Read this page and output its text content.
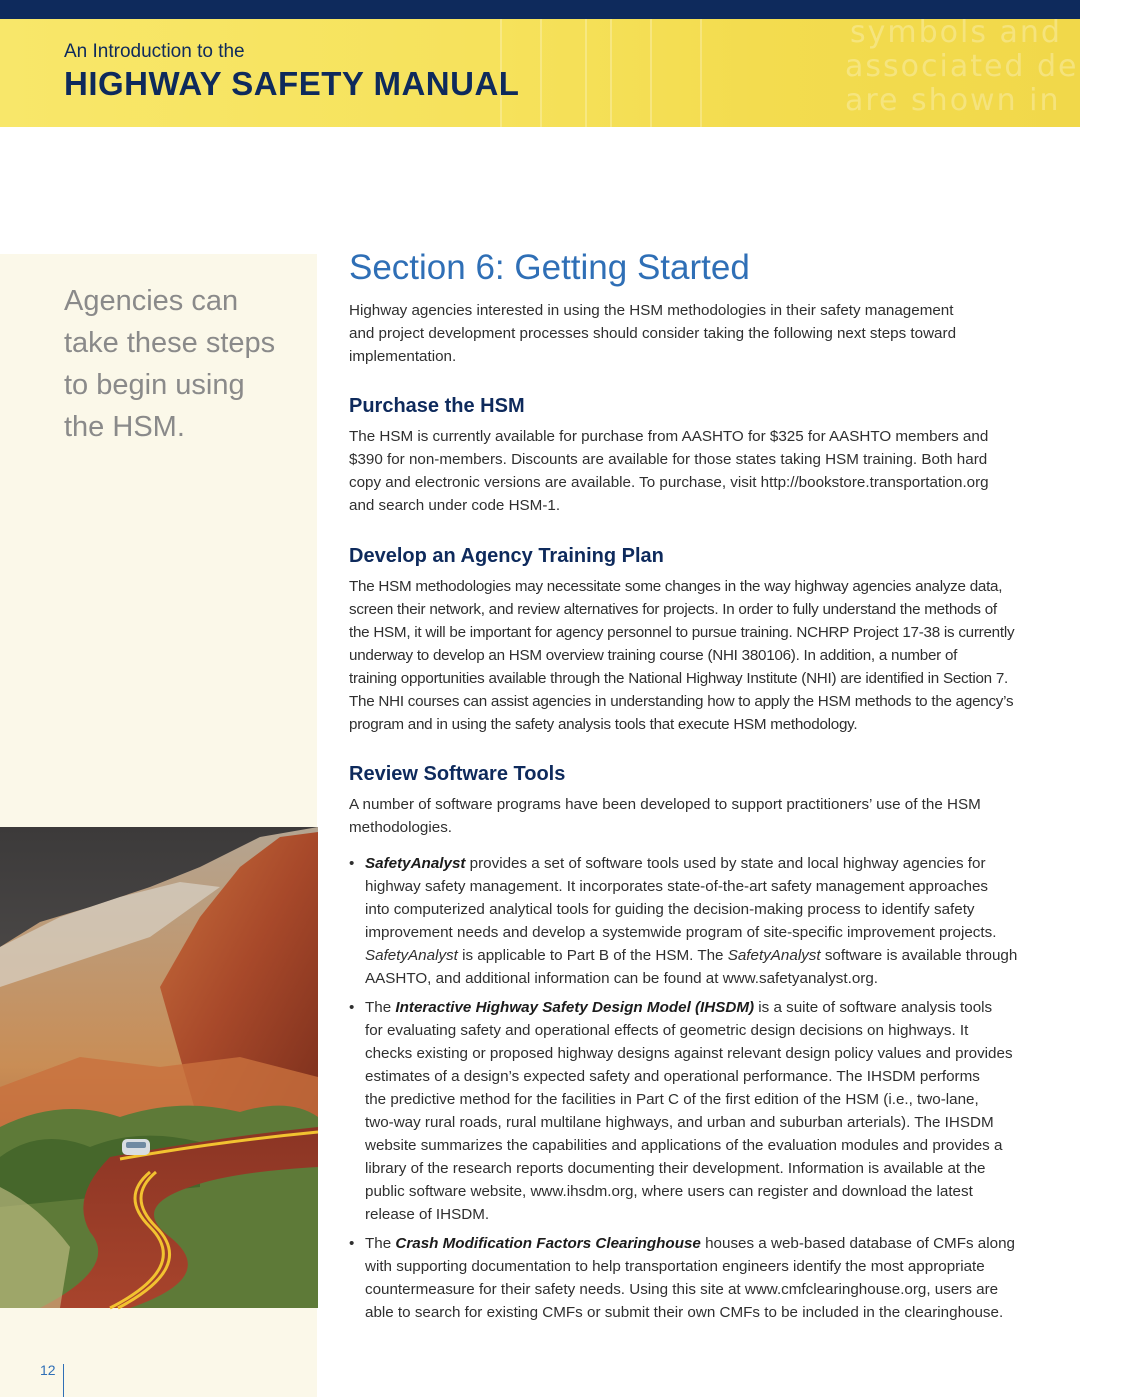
symbols and
associated descr
are shown in
An Introduction to the
HIGHWAY SAFETY MANUAL
Agencies can
take these steps
to begin using
the HSM.
Section 6: Getting Started

Highway agencies interested in using the HSM methodologies in their safety management

and project development processes should consider taking the following next steps toward

implementation.

Purchase the HSM

The HSM is currently available for purchase from AASHTO for $325 for AASHTO members and

$390 for non-members. Discounts are available for those states taking HSM training. Both hard

copy and electronic versions are available. To purchase, visit http://bookstore.transportation.org

and search under code HSM-1.

Develop an Agency Training Plan

The HSM methodologies may necessitate some changes in the way highway agencies analyze data,

screen their network, and review alternatives for projects. In order to fully understand the methods of

the HSM, it will be important for agency personnel to pursue training. NCHRP Project 17-38 is currently

underway to develop an HSM overview training course (NHI 380106). In addition, a number of

training opportunities available through the National Highway Institute (NHI) are identified in Section 7.

The NHI courses can assist agencies in understanding how to apply the HSM methods to the agency’s

program and in using the safety analysis tools that execute HSM methodology.

Review Software Tools

A number of software programs have been developed to support practitioners’ use of the HSM

methodologies.

• SafetyAnalyst provides a set of software tools used by state and local highway agencies for
highway safety management. It incorporates state-of-the-art safety management approaches
into computerized analytical tools for guiding the decision-making process to identify safety
improvement needs and develop a systemwide program of site-specific improvement projects.
SafetyAnalyst is applicable to Part B of the HSM. The SafetyAnalyst software is available through
AASHTO, and additional information can be found at www.safetyanalyst.org.
• The Interactive Highway Safety Design Model (IHSDM) is a suite of software analysis tools
for evaluating safety and operational effects of geometric design decisions on highways. It
checks existing or proposed highway designs against relevant design policy values and provides
estimates of a design’s expected safety and operational performance. The IHSDM performs
the predictive method for the facilities in Part C of the first edition of the HSM (i.e., two-lane,
two-way rural roads, rural multilane highways, and urban and suburban arterials). The IHSDM
website summarizes the capabilities and applications of the evaluation modules and provides a
library of the research reports documenting their development. Information is available at the
public software website, www.ihsdm.org, where users can register and download the latest
release of IHSDM.
• The Crash Modification Factors Clearinghouse houses a web-based database of CMFs along
with supporting documentation to help transportation engineers identify the most appropriate
countermeasure for their safety needs. Using this site at www.cmfclearinghouse.org, users are
able to search for existing CMFs or submit their own CMFs to be included in the clearinghouse.
12
